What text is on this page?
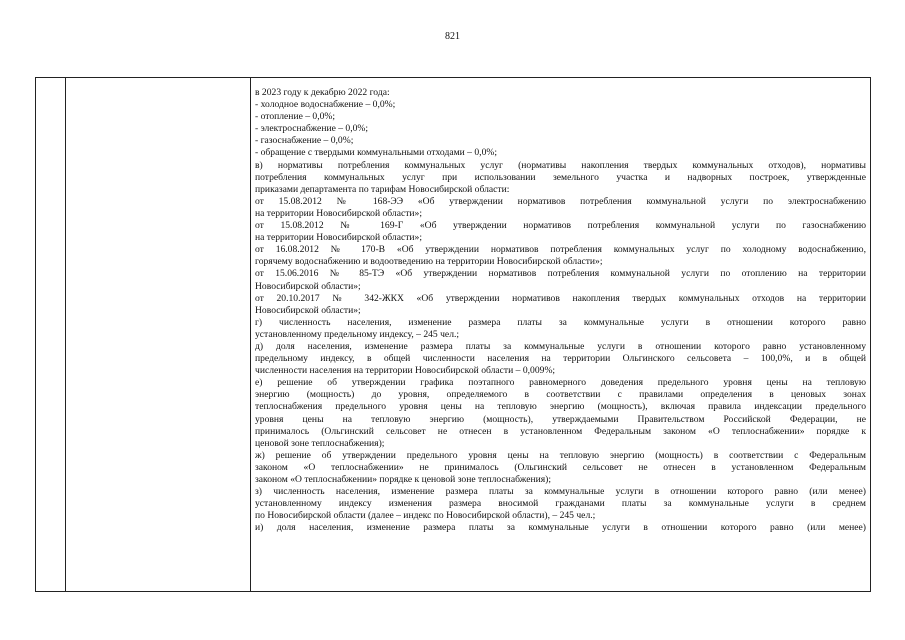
821
в 2023 году к декабрю 2022 года:
- холодное водоснабжение – 0,0%;
- отопление – 0,0%;
- электроснабжение – 0,0%;
- газоснабжение – 0,0%;
- обращение с твердыми коммунальными отходами – 0,0%;
в) нормативы потребления коммунальных услуг (нормативы накопления твердых коммунальных отходов), нормативы
потребления коммунальных услуг при использовании земельного участка и надворных построек, утвержденные
приказами департамента по тарифам Новосибирской области:
от 15.08.2012 № 168-ЭЭ «Об утверждении нормативов потребления коммунальной услуги по электроснабжению
на территории Новосибирской области»;
от 15.08.2012 № 169-Г «Об утверждении нормативов потребления коммунальной услуги по газоснабжению
на территории Новосибирской области»;
от 16.08.2012 № 170-В «Об утверждении нормативов потребления коммунальных услуг по холодному водоснабжению,
горячему водоснабжению и водоотведению на территории Новосибирской области»;
от 15.06.2016 № 85-ТЭ «Об утверждении нормативов потребления коммунальной услуги по отоплению на территории
Новосибирской области»;
от 20.10.2017 № 342-ЖКХ «Об утверждении нормативов накопления твердых коммунальных отходов на территории
Новосибирской области»;
г) численность населения, изменение размера платы за коммунальные услуги в отношении которого равно
установленному предельному индексу, – 245 чел.;
д) доля населения, изменение размера платы за коммунальные услуги в отношении которого равно установленному
предельному индексу, в общей численности населения на территории Ольгинского сельсовета – 100,0%, и в общей
численности населения на территории Новосибирской области – 0,009%;
е) решение об утверждении графика поэтапного равномерного доведения предельного уровня цены на тепловую
энергию (мощность) до уровня, определяемого в соответствии с правилами определения в ценовых зонах
теплоснабжения предельного уровня цены на тепловую энергию (мощность), включая правила индексации предельного
уровня цены на тепловую энергию (мощность), утверждаемыми Правительством Российской Федерации, не
принималось (Ольгинский сельсовет не отнесен в установленном Федеральным законом «О теплоснабжении» порядке к
ценовой зоне теплоснабжения);
ж) решение об утверждении предельного уровня цены на тепловую энергию (мощность) в соответствии с Федеральным
законом «О теплоснабжении» не принималось (Ольгинский сельсовет не отнесен в установленном Федеральным
законом «О теплоснабжении» порядке к ценовой зоне теплоснабжения);
з) численность населения, изменение размера платы за коммунальные услуги в отношении которого равно (или менее)
установленному индексу изменения размера вносимой гражданами платы за коммунальные услуги в среднем
по Новосибирской области (далее – индекс по Новосибирской области), – 245 чел.;
и) доля населения, изменение размера платы за коммунальные услуги в отношении которого равно (или менее)
